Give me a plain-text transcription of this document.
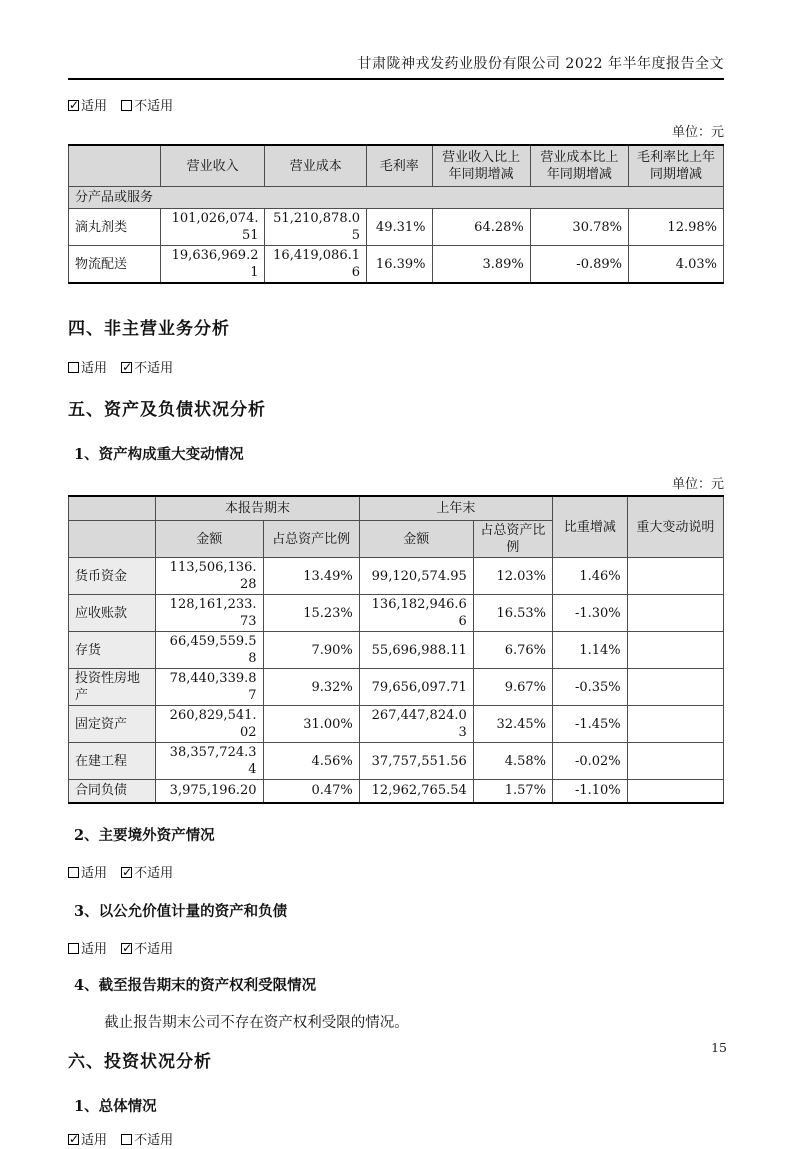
甘肃陇神戎发药业股份有限公司 2022 年半年度报告全文
✓适用 不适用
单位：元
	营业收入	营业成本	毛利率	营业收入比上年同期增减	营业成本比上年同期增减	毛利率比上年同期增减
分产品或服务						
滴丸剂类	101,026,074.51	51,210,878.05	49.31%	64.28%	30.78%	12.98%
物流配送	19,636,969.21	16,419,086.16	16.39%	3.89%	-0.89%	4.03%
四、非主营业务分析
适用 ✓ 不适用
五、资产及负债状况分析
1、资产构成重大变动情况
单位：元
	本报告期末		上年末		比重增减	重大变动说明
	金额	占总资产比例	金额	占总资产比例		
货币资金	113,506,136.28	13.49%	99,120,574.95	12.03%	1.46%	
应收账款	128,161,233.73	15.23%	136,182,946.66	16.53%	-1.30%	
存货	66,459,559.58	7.90%	55,696,988.11	6.76%	1.14%	
投资性房地产	78,440,339.87	9.32%	79,656,097.71	9.67%	-0.35%	
固定资产	260,829,541.02	31.00%	267,447,824.03	32.45%	-1.45%	
在建工程	38,357,724.34	4.56%	37,757,551.56	4.58%	-0.02%	
合同负债	3,975,196.20	0.47%	12,962,765.54	1.57%	-1.10%	
2、主要境外资产情况
适用 ✓ 不适用
3、以公允价值计量的资产和负债
适用 ✓ 不适用
4、截至报告期末的资产权利受限情况
截止报告期末公司不存在资产权利受限的情况。
六、投资状况分析
1、总体情况
✓适用 不适用
15
